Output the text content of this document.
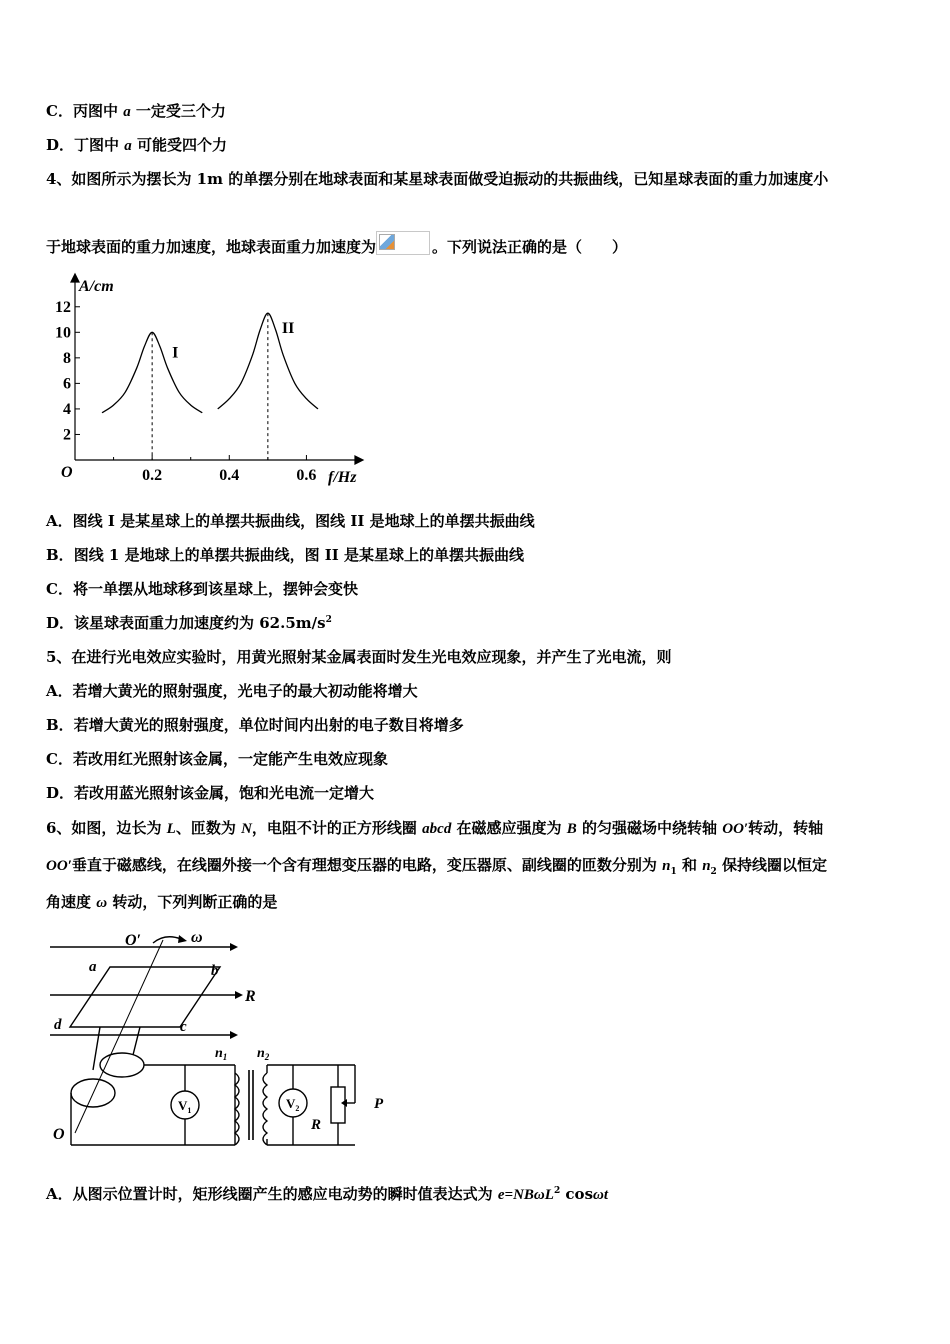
C．丙图中 a 一定受三个力
D．丁图中 a 可能受四个力
4、如图所示为摆长为 1m 的单摆分别在地球表面和某星球表面做受迫振动的共振曲线，已知星球表面的重力加速度小
于地球表面的重力加速度，地球表面重力加速度为	。下列说法正确的是（　　）
A/cm
f/Hz
O
2
4
6
8
10
12
0.2	0.4	0.6
I
II
A．图线 I 是某星球上的单摆共振曲线，图线 II 是地球上的单摆共振曲线
B．图线 1 是地球上的单摆共振曲线，图 II 是某星球上的单摆共振曲线
C．将一单摆从地球移到该星球上，摆钟会变快
D．该星球表面重力加速度约为 $62.5m/s^2$
5、在进行光电效应实验时，用黄光照射某金属表面时发生光电效应现象，并产生了光电流，则
A．若增大黄光的照射强度，光电子的最大初动能将增大
B．若增大黄光的照射强度，单位时间内出射的电子数目将增多
C．若改用红光照射该金属，一定能产生电效应现象
D．若改用蓝光照射该金属，饱和光电流一定增大
6、如图，边长为 L、匝数为 N，电阻不计的正方形线圈 abcd 在磁感应强度为 B 的匀强磁场中绕转轴 OO′转动，转轴
OO′垂直于磁感线，在线圈外接一个含有理想变压器的电路，变压器原、副线圈的匝数分别为 $n_1$ 和 $n_2$ 保持线圈以恒定
角速度 ω 转动，下列判断正确的是
O′	ω
a	b
d	c
R
O
$n_1$ $n_2$
$V_1$	$V_2$
R
P
A．从图示位置计时，矩形线圈产生的感应电动势的瞬时值表达式为 e=NBωL$^2$ cosωt
